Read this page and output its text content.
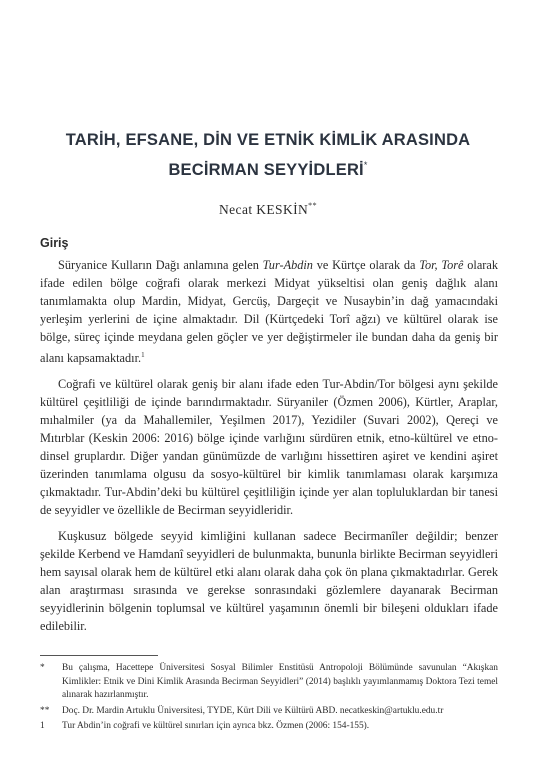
TARİH, EFSANE, DİN VE ETNİK KİMLİK ARASINDA
BECİRMAN SEYYİDLERİ*
Necat KESKİN**
Giriş

Süryanice Kulların Dağı anlamına gelen Tur-Abdin ve Kürtçe olarak da Tor, Torê olarak ifade edilen bölge coğrafi olarak merkezi Midyat yükseltisi olan geniş dağlık alanı tanımlamakta olup Mardin, Midyat, Gercüş, Dargeçit ve Nusaybin’in dağ yamacındaki yerleşim yerlerini de içine almaktadır. Dil (Kürtçedeki Torî ağzı) ve kültürel olarak ise bölge, süreç içinde meydana gelen göçler ve yer değiştirmeler ile bundan daha da geniş bir alanı kapsamaktadır.$^1$

Coğrafi ve kültürel olarak geniş bir alanı ifade eden Tur-Abdin/Tor bölgesi aynı şekilde kültürel çeşitliliği de içinde barındırmaktadır. Süryaniler (Özmen 2006), Kürtler, Araplar, mıhalmiler (ya da Mahallemiler, Yeşilmen 2017), Yezidiler (Suvari 2002), Qereçi ve Mıtırblar (Keskin 2006: 2016) bölge içinde varlığını sürdüren etnik, etno-kültürel ve etno-dinsel gruplardır. Diğer yandan günümüzde de varlığını hissettiren aşiret ve kendini aşiret üzerinden tanımlama olgusu da sosyo-kültürel bir kimlik tanımlaması olarak karşımıza çıkmaktadır. Tur-Abdin’deki bu kültürel çeşitliliğin içinde yer alan topluluklardan bir tanesi de seyyidler ve özellikle de Becirman seyyidleridir.

Kuşkusuz bölgede seyyid kimliğini kullanan sadece Becirmanîler değildir; benzer şekilde Kerbend ve Hamdanî seyyidleri de bulunmakta, bununla birlikte Becirman seyyidleri hem sayısal olarak hem de kültürel etki alanı olarak daha çok ön plana çıkmaktadırlar. Gerek alan araştırması sırasında ve gerekse sonrasındaki gözlemlere dayanarak Becirman seyyidlerinin bölgenin toplumsal ve kültürel yaşamının önemli bir bileşeni oldukları ifade edilebilir.

*	Bu çalışma, Hacettepe Üniversitesi Sosyal Bilimler Enstitüsü Antropoloji Bölümünde savunulan “Akışkan Kimlikler: Etnik ve Dini Kimlik Arasında Becirman Seyyidleri” (2014) başlıklı yayımlanmamış Doktora Tezi temel alınarak hazırlanmıştır.
**	Doç. Dr. Mardin Artuklu Üniversitesi, TYDE, Kürt Dili ve Kültürü ABD. necatkeskin@artuklu.edu.tr
1	Tur Abdin’in coğrafi ve kültürel sınırları için ayrıca bkz. Özmen (2006: 154-155).
